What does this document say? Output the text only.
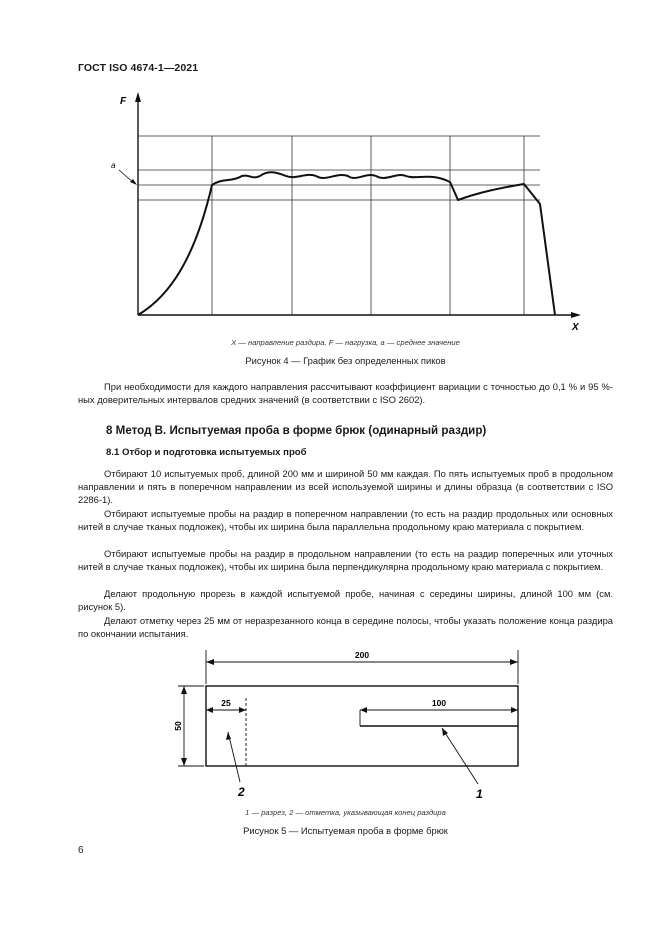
ГОСТ ISO 4674-1—2021
F
X
a
X — направление раздира, F — нагрузка, a — среднее значение
Рисунок 4 — График без определенных пиков

При необходимости для каждого направления рассчитывают коэффициент вариации с точностью до 0,1 % и 95 %-ных доверительных интервалов средних значений (в соответствии с ISO 2602).

8 Метод B. Испытуемая проба в форме брюк (одинарный раздир)
8.1 Отбор и подготовка испытуемых проб

Отбирают 10 испытуемых проб, длиной 200 мм и шириной 50 мм каждая. По пять испытуемых проб в продольном направлении и пять в поперечном направлении из всей используемой ширины и длины образца (в соответствии с ISO 2286-1).

Отбирают испытуемые пробы на раздир в поперечном направлении (то есть на раздир продольных или основных нитей в случае тканых подложек), чтобы их ширина была параллельна продольному краю материала с покрытием.

Отбирают испытуемые пробы на раздир в продольном направлении (то есть на раздир поперечных или уточных нитей в случае тканых подложек), чтобы их ширина была перпендикулярна продольному краю материала с покрытием.

Делают продольную прорезь в каждой испытуемой пробе, начиная с середины ширины, длиной 100 мм (см. рисунок 5).

Делают отметку через 25 мм от неразрезанного конца в середине полосы, чтобы указать положение конца раздира по окончании испытания.

200
50
25	100
1
2
1 — разрез, 2 — отметка, указывающая конец раздира
Рисунок 5 — Испытуемая проба в форме брюк
6
